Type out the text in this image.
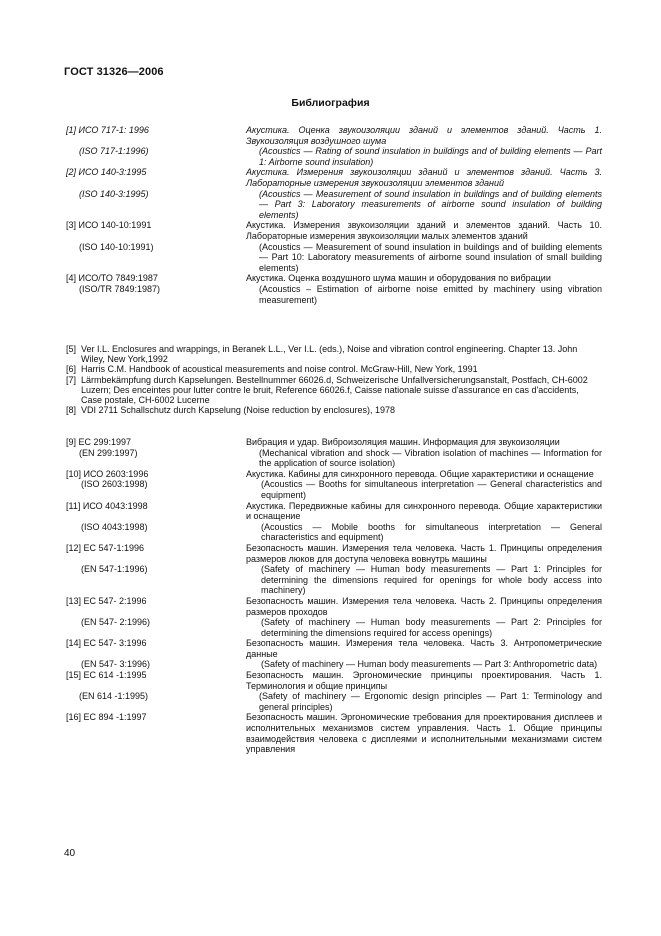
ГОСТ 31326—2006
Библиография
[1] ИСО 717-1: 1996	Акустика. Оценка звукоизоляции зданий и элементов зданий. Часть 1. Звукоизоляция воздушного шума
(ISO 717-1:1996)	(Acoustics — Rating of sound insulation in buildings and of building elements — Part 1: Airborne sound insulation)
[2] ИСО 140-3:1995	Акустика. Измерения звукоизоляции зданий и элементов зданий. Часть 3. Лабораторные измерения звукоизоляции элементов зданий
(ISO 140-3:1995)	(Acoustics — Measurement of sound insulation in buildings and of building elements — Part 3: Laboratory measurements of airborne sound insulation of building elements)
[3] ИСО 140-10:1991	Акустика. Измерения звукоизоляции зданий и элементов зданий. Часть 10. Лабораторные измерения звукоизоляции малых элементов зданий
(ISO 140-10:1991)	(Acoustics — Measurement of sound insulation in buildings and of building elements — Part 10: Laboratory measurements of airborne sound insulation of small building elements)
[4] ИСО/ТО 7849:1987	Акустика. Оценка воздушного шума машин и оборудования по вибрации
(ISO/TR 7849:1987)	(Acoustics – Estimation of airborne noise emitted by machinery using vibration measurement)
[5] Ver I.L. Enclosures and wrappings, in Beranek L.L., Ver I.L. (eds.), Noise and vibration control engineering. Chapter 13. John Wiley, New York,1992
[6] Harris C.M. Handbook of acoustical measurements and noise control. McGraw-Hill, New York, 1991
[7] Lärmbekämpfung durch Kapselungen. Bestellnummer 66026.d, Schweizerische Unfallversicherungsanstalt, Postfach, CH-6002 Luzern; Des enceintes pour lutter contre le bruit, Reference 66026.f, Caisse nationale suisse d'assurance en cas d'accidents, Case postale, CH-6002 Lucerne
[8] VDI 2711 Schallschutz durch Kapselung (Noise reduction by enclosures), 1978
[9] EC 299:1997	Вибрация и удар. Виброизоляция машин. Информация для звукоизоляции
(EN 299:1997)	(Mechanical vibration and shock — Vibration isolation of machines — Information for the application of source isolation)
[10] ИСО 2603:1996	Акустика. Кабины для синхронного перевода. Общие характеристики и оснащение
(ISO 2603:1998)	(Acoustics — Booths for simultaneous interpretation — General characteristics and equipment)
[11] ИСО 4043:1998	Акустика. Передвижные кабины для синхронного перевода. Общие характеристики и оснащение
(ISO 4043:1998)	(Acoustics — Mobile booths for simultaneous interpretation — General characteristics and equipment)
[12] EC 547-1:1996	Безопасность машин. Измерения тела человека. Часть 1. Принципы определения размеров люков для доступа человека вовнутрь машины
(EN 547-1:1996)	(Safety of machinery — Human body measurements — Part 1: Principles for determining the dimensions required for openings for whole body access into machinery)
[13] EC 547- 2:1996	Безопасность машин. Измерения тела человека. Часть 2. Принципы определения размеров проходов
(EN 547- 2:1996)	(Safety of machinery — Human body measurements — Part 2: Principles for determining the dimensions required for access openings)
[14] EC 547- 3:1996	Безопасность машин. Измерения тела человека. Часть 3. Антропометрические данные
(EN 547- 3:1996)	(Safety of machinery — Human body measurements — Part 3: Anthropometric data)
[15] EC 614 -1:1995	Безопасность машин. Эргономические принципы проектирования. Часть 1. Терминология и общие принципы
(EN 614 -1:1995)	(Safety of machinery — Ergonomic design principles — Part 1: Terminology and general principles)
[16] EC 894 -1:1997	Безопасность машин. Эргономические требования для проектирования дисплеев и исполнительных механизмов систем управления. Часть 1. Общие принципы взаимодействия человека с дисплеями и исполнительными механизмами систем управления
40
